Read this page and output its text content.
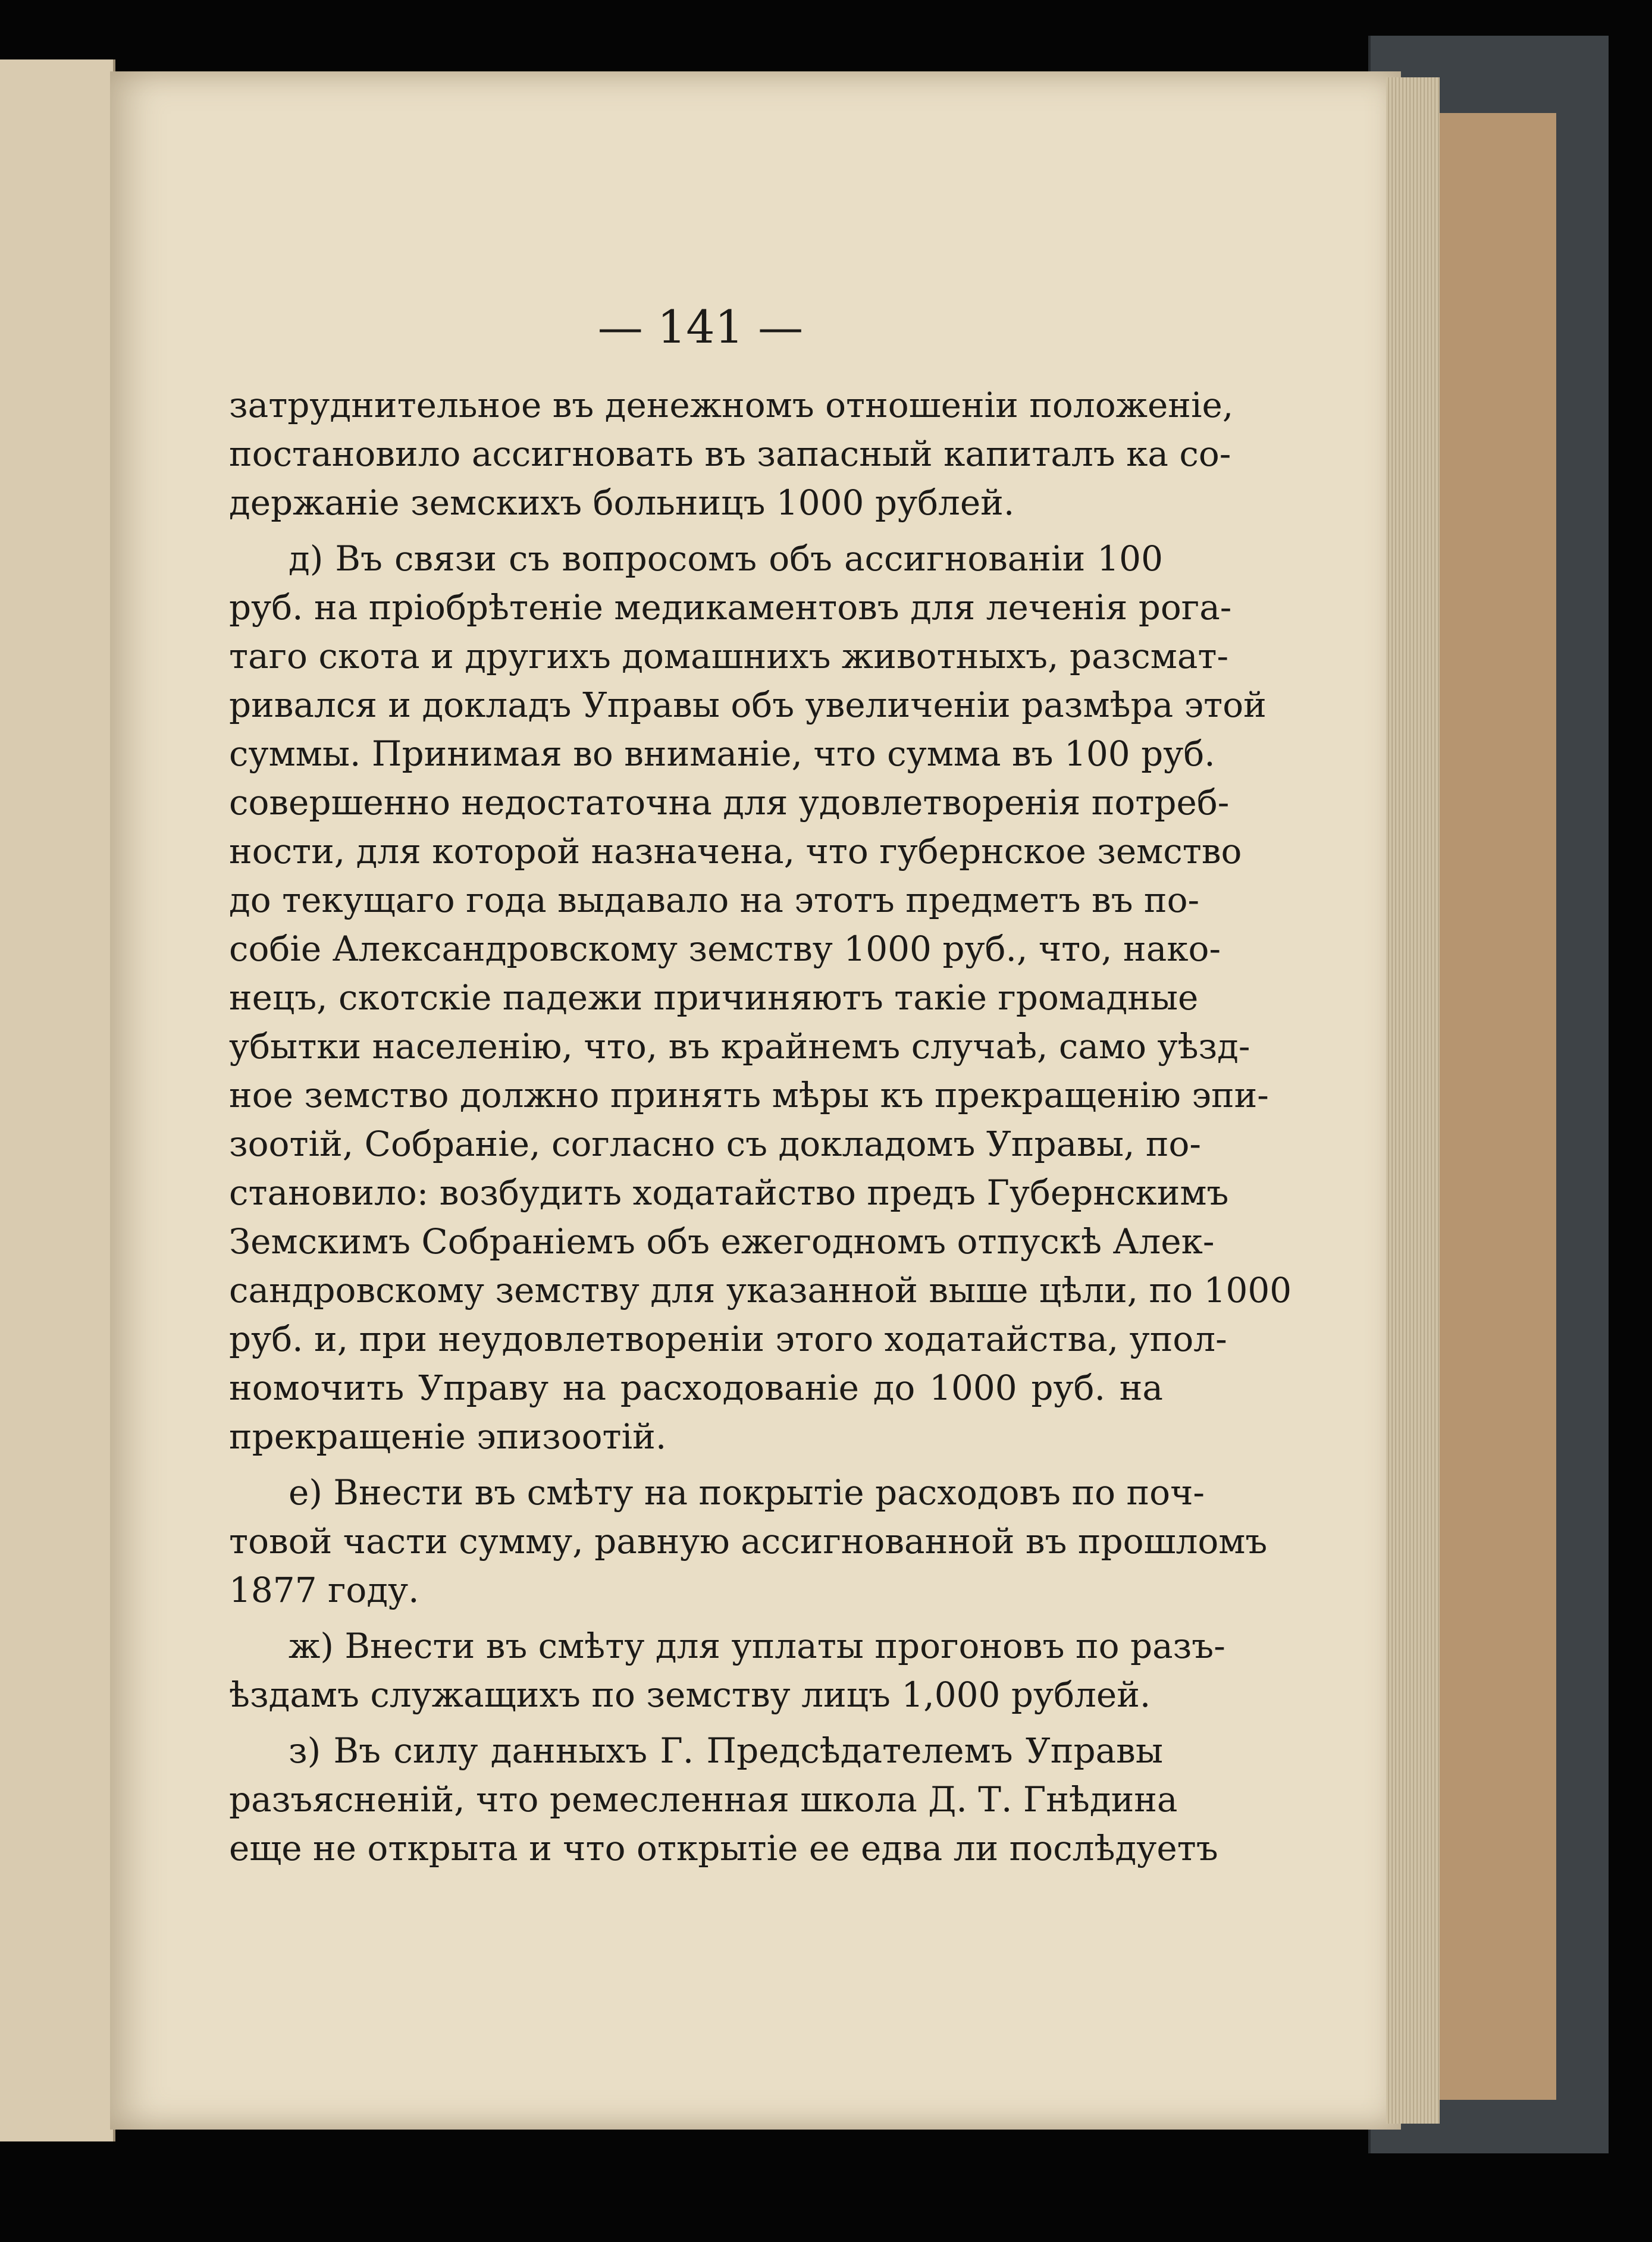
— 141 —
затруднительное въ денежномъ отношеніи положеніе,
постановило ассигновать въ запасный капиталъ ка со-
держаніе земскихъ больницъ 1000 рублей.
д) Въ связи съ вопросомъ объ ассигнованіи 100
руб. на пріобрѣтеніе медикаментовъ для леченія рога-
таго скота и другихъ домашнихъ животныхъ, разсмат-
ривался и докладъ Управы объ увеличеніи размѣра этой
суммы. Принимая во вниманіе, что сумма въ 100 руб.
совершенно недостаточна для удовлетворенія потреб-
ности, для которой назначена, что губернское земство
до текущаго года выдавало на этотъ предметъ въ по-
собіе Александровскому земству 1000 руб., что, нако-
нецъ, скотскіе падежи причиняютъ такіе громадные
убытки населенію, что, въ крайнемъ случаѣ, само уѣзд-
ное земство должно принять мѣры къ прекращенію эпи-
зоотій, Собраніе, согласно съ докладомъ Управы, по-
становило: возбудить ходатайство предъ Губернскимъ
Земскимъ Собраніемъ объ ежегодномъ отпускѣ Алек-
сандровскому земству для указанной выше цѣли, по 1000
руб. и, при неудовлетвореніи этого ходатайства, упол-
номочить Управу на расходованіе до 1000 руб. на
прекращеніе эпизоотій.
е) Внести въ смѣту на покрытіе расходовъ по поч-
товой части сумму, равную ассигнованной въ прошломъ
1877 году.
ж) Внести въ смѣту для уплаты прогоновъ по разъ-
ѣздамъ служащихъ по земству лицъ 1,000 рублей.
з) Въ силу данныхъ Г. Предсѣдателемъ Управы
разъясненій, что ремесленная школа Д. Т. Гнѣдина
еще не открыта и что открытіе ее едва ли послѣдуетъ
